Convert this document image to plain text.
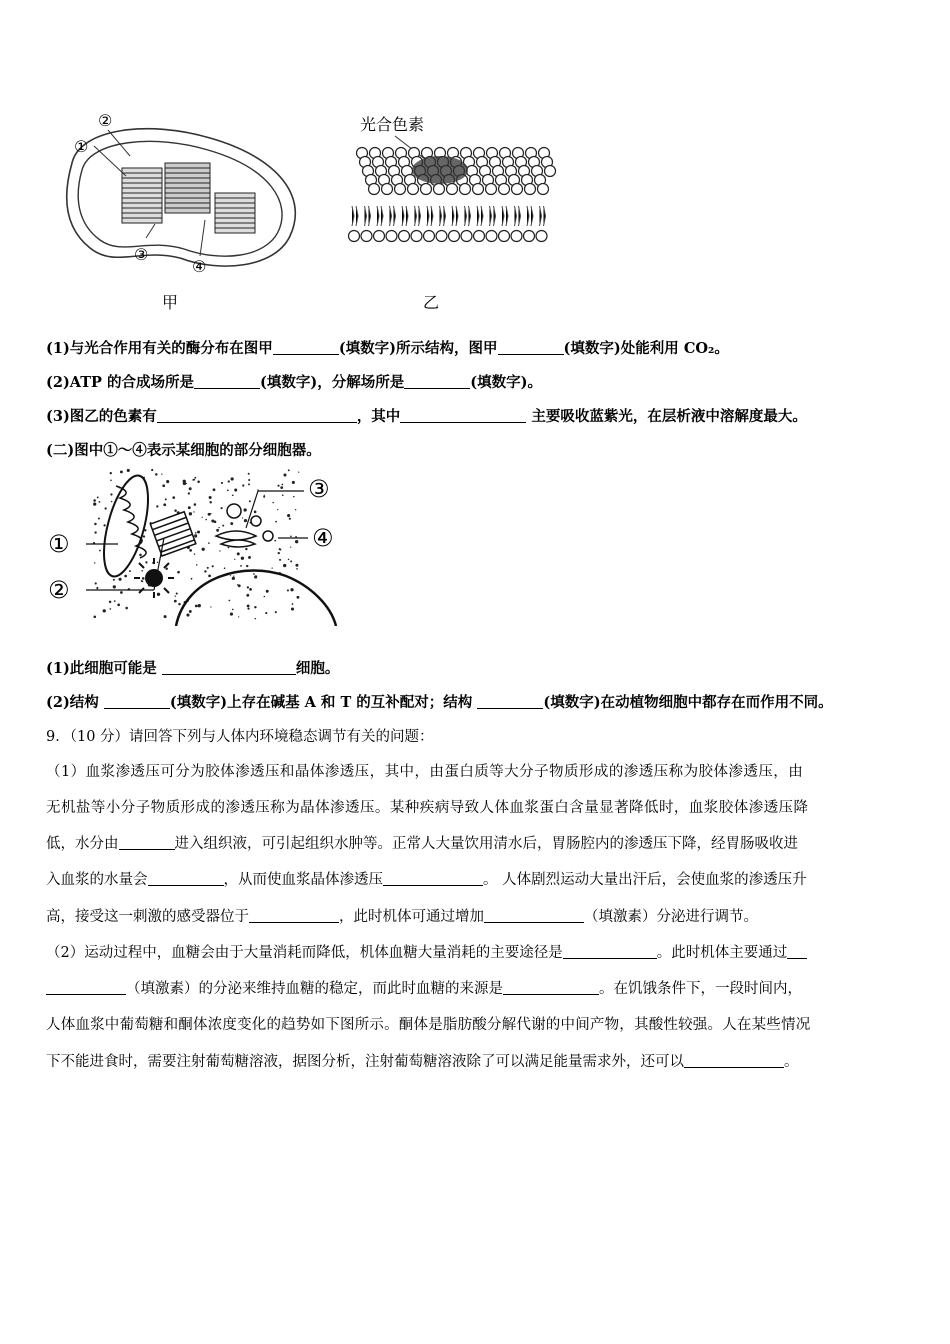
②
①
③
④
甲
光合色素
乙
(1)与光合作用有关的酶分布在图甲	(填数字)所示结构，图甲	(填数字)处能利用 CO₂。
(2)ATP 的合成场所是	(填数字)，分解场所是	(填数字)。
(3)图乙的色素有	，其中	主要吸收蓝紫光，在层析液中溶解度最大。
(二)图中①～④表示某细胞的部分细胞器。
①
②
③
④
(1)此细胞可能是	细胞。
(2)结构	(填数字)上存在碱基 A 和 T 的互补配对；结构	(填数字)在动植物细胞中都存在而作用不同。
9．（10 分）请回答下列与人体内环境稳态调节有关的问题：
（1）血浆渗透压可分为胶体渗透压和晶体渗透压，其中，由蛋白质等大分子物质形成的渗透压称为胶体渗透压，由
无机盐等小分子物质形成的渗透压称为晶体渗透压。某种疾病导致人体血浆蛋白含量显著降低时，血浆胶体渗透压降
低，水分由	进入组织液，可引起组织水肿等。正常人大量饮用清水后，胃肠腔内的渗透压下降，经胃肠吸收进
入血浆的水量会	，从而使血浆晶体渗透压	。 人体剧烈运动大量出汗后，会使血浆的渗透压升
高，接受这一刺激的感受器位于	，此时机体可通过增加	（填激素）分泌进行调节。
（2）运动过程中，血糖会由于大量消耗而降低，机体血糖大量消耗的主要途径是	。此时机体主要通过
（填激素）的分泌来维持血糖的稳定，而此时血糖的来源是	。在饥饿条件下，一段时间内，
人体血浆中葡萄糖和酮体浓度变化的趋势如下图所示。酮体是脂肪酸分解代谢的中间产物，其酸性较强。人在某些情况
下不能进食时，需要注射葡萄糖溶液，据图分析，注射葡萄糖溶液除了可以满足能量需求外，还可以	。
